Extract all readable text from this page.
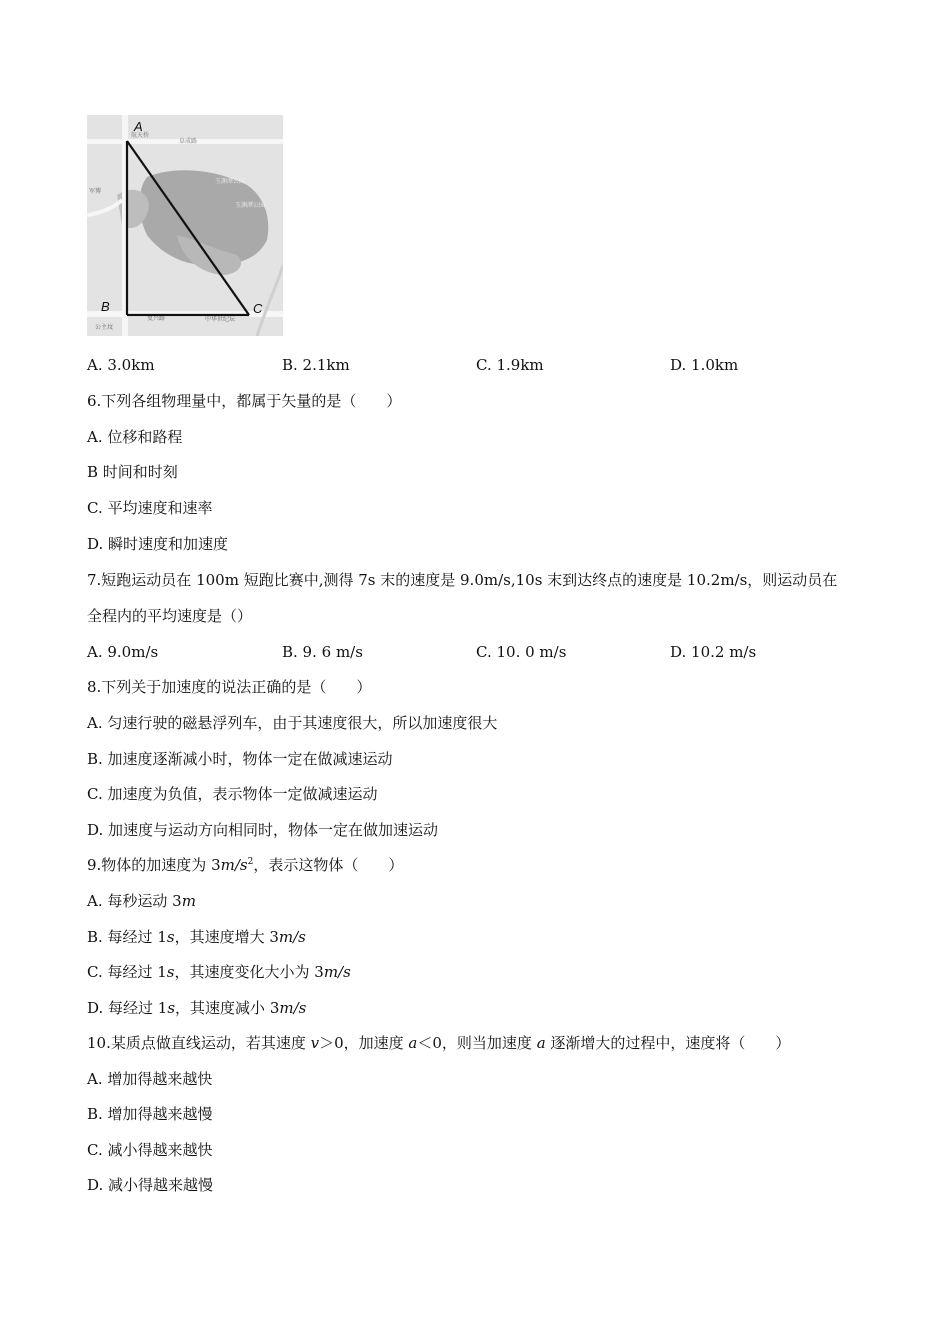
航天桥
阜成路
玉渊潭公园
玉渊潭公园
军博
公主坟
复兴路	中华世纪坛
A
B	C
A. 3.0km	B. 2.1km	C. 1.9km	D. 1.0km
6.下列各组物理量中，都属于矢量的是（　　）
A. 位移和路程
B 时间和时刻
C. 平均速度和速率
D. 瞬时速度和加速度
7.短跑运动员在 100m 短跑比赛中,测得 7s 末的速度是 9.0m/s,10s 末到达终点的速度是 10.2m/s，则运动员在
全程内的平均速度是（）
A. 9.0m/s	B. 9. 6 m/s	C. 10. 0 m/s	D. 10.2 m/s
8.下列关于加速度的说法正确的是（　　）
A. 匀速行驶的磁悬浮列车，由于其速度很大，所以加速度很大
B. 加速度逐渐减小时，物体一定在做减速运动
C. 加速度为负值，表示物体一定做减速运动
D. 加速度与运动方向相同时，物体一定在做加速运动
9.物体的加速度为 $3m/s^2$，表示这物体（　　）
A. 每秒运动 3m
B. 每经过 1s，其速度增大 3m/s
C. 每经过 1s，其速度变化大小为 3m/s
D. 每经过 1s，其速度减小 3m/s
10.某质点做直线运动，若其速度 v＞0，加速度 a＜0，则当加速度 a 逐渐增大的过程中，速度将（　　）
A. 增加得越来越快
B. 增加得越来越慢
C. 减小得越来越快
D. 减小得越来越慢
